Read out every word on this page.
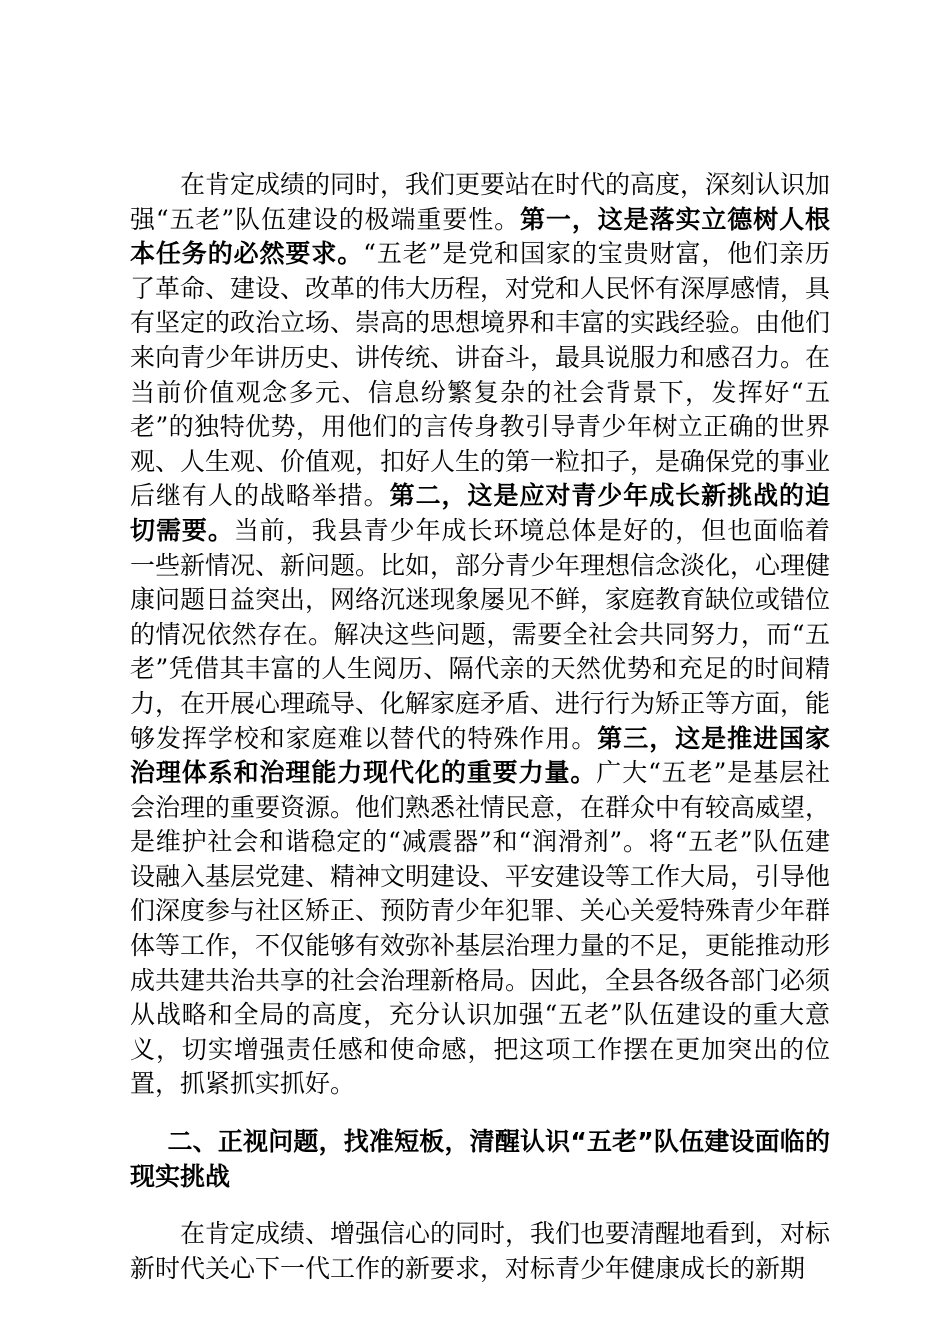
在肯定成绩的同时，我们更要站在时代的高度，深刻认识加强“五老”队伍建设的极端重要性。第一，这是落实立德树人根本任务的必然要求。“五老”是党和国家的宝贵财富，他们亲历了革命、建设、改革的伟大历程，对党和人民怀有深厚感情，具有坚定的政治立场、崇高的思想境界和丰富的实践经验。由他们来向青少年讲历史、讲传统、讲奋斗，最具说服力和感召力。在当前价值观念多元、信息纷繁复杂的社会背景下，发挥好“五老”的独特优势，用他们的言传身教引导青少年树立正确的世界观、人生观、价值观，扣好人生的第一粒扣子，是确保党的事业后继有人的战略举措。第二，这是应对青少年成长新挑战的迫切需要。当前，我县青少年成长环境总体是好的，但也面临着一些新情况、新问题。比如，部分青少年理想信念淡化，心理健康问题日益突出，网络沉迷现象屡见不鲜，家庭教育缺位或错位的情况依然存在。解决这些问题，需要全社会共同努力，而“五老”凭借其丰富的人生阅历、隔代亲的天然优势和充足的时间精力，在开展心理疏导、化解家庭矛盾、进行行为矫正等方面，能够发挥学校和家庭难以替代的特殊作用。第三，这是推进国家治理体系和治理能力现代化的重要力量。广大“五老”是基层社会治理的重要资源。他们熟悉社情民意，在群众中有较高威望，是维护社会和谐稳定的“减震器”和“润滑剂”。将“五老”队伍建设融入基层党建、精神文明建设、平安建设等工作大局，引导他们深度参与社区矫正、预防青少年犯罪、关心关爱特殊青少年群体等工作，不仅能够有效弥补基层治理力量的不足，更能推动形成共建共治共享的社会治理新格局。因此，全县各级各部门必须从战略和全局的高度，充分认识加强“五老”队伍建设的重大意义，切实增强责任感和使命感，把这项工作摆在更加突出的位置，抓紧抓实抓好。

二、正视问题，找准短板，清醒认识“五老”队伍建设面临的现实挑战

在肯定成绩、增强信心的同时，我们也要清醒地看到，对标新时代关心下一代工作的新要求，对标青少年健康成长的新期
